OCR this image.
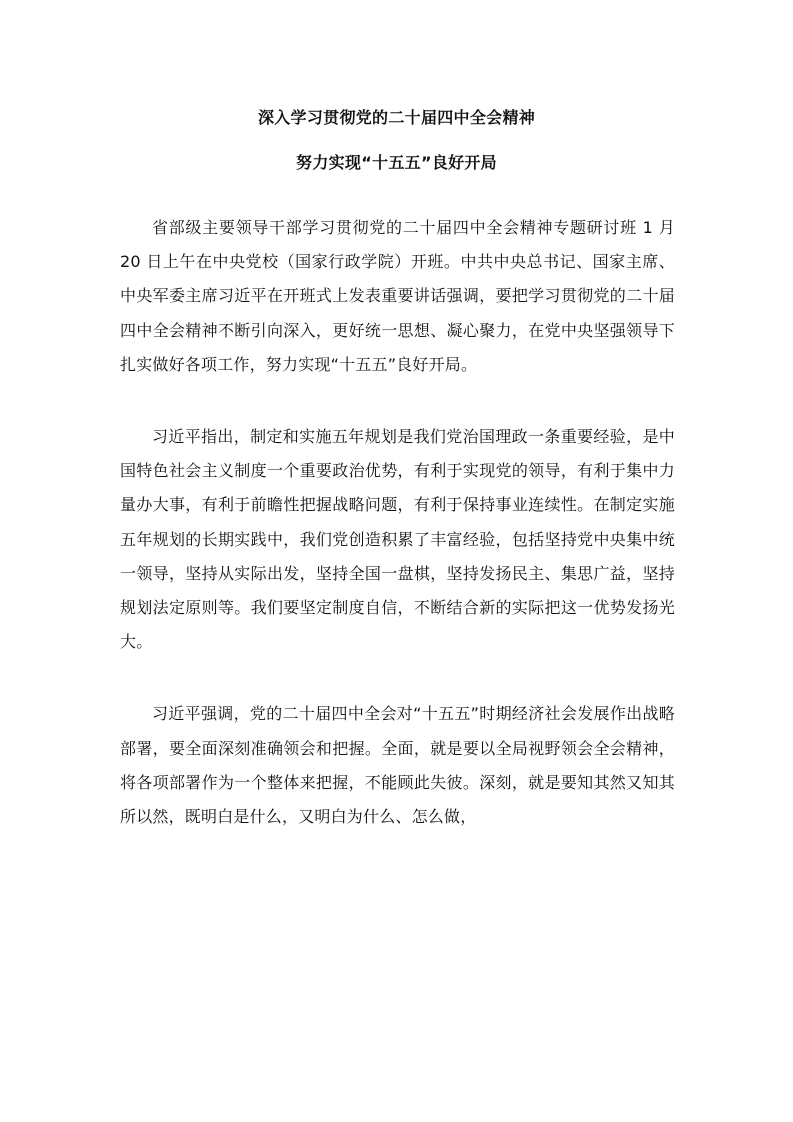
深入学习贯彻党的二十届四中全会精神
努力实现“十五五”良好开局

省部级主要领导干部学习贯彻党的二十届四中全会精神专题研讨班 1 月 20 日上午在中央党校（国家行政学院）开班。中共中央总书记、国家主席、中央军委主席习近平在开班式上发表重要讲话强调，要把学习贯彻党的二十届四中全会精神不断引向深入，更好统一思想、凝心聚力，在党中央坚强领导下扎实做好各项工作，努力实现“十五五”良好开局。

习近平指出，制定和实施五年规划是我们党治国理政一条重要经验，是中国特色社会主义制度一个重要政治优势，有利于实现党的领导，有利于集中力量办大事，有利于前瞻性把握战略问题，有利于保持事业连续性。在制定实施五年规划的长期实践中，我们党创造积累了丰富经验，包括坚持党中央集中统一领导，坚持从实际出发，坚持全国一盘棋，坚持发扬民主、集思广益，坚持规划法定原则等。我们要坚定制度自信，不断结合新的实际把这一优势发扬光大。

习近平强调，党的二十届四中全会对“十五五”时期经济社会发展作出战略部署，要全面深刻准确领会和把握。全面，就是要以全局视野领会全会精神，将各项部署作为一个整体来把握，不能顾此失彼。深刻，就是要知其然又知其所以然，既明白是什么，又明白为什么、怎么做，
